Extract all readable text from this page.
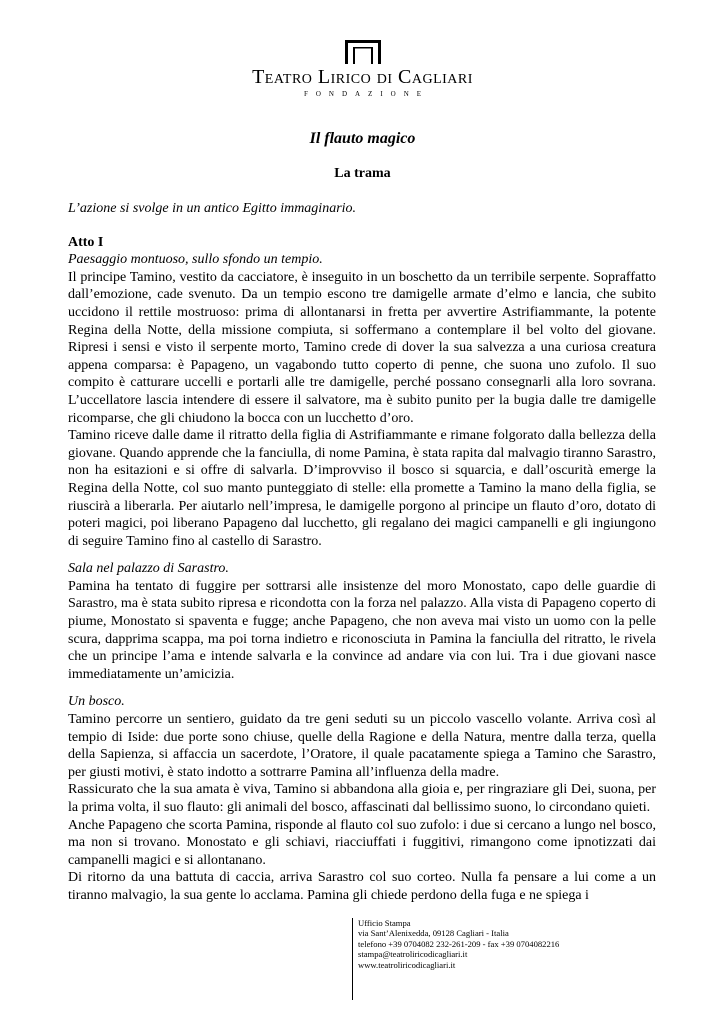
Teatro Lirico di Cagliari
FONDAZIONE
Il flauto magico
La trama

L’azione si svolge in un antico Egitto immaginario.

Atto I

Paesaggio montuoso, sullo sfondo un tempio.

Il principe Tamino, vestito da cacciatore, è inseguito in un boschetto da un terribile serpente. Sopraffatto dall’emozione, cade svenuto. Da un tempio escono tre damigelle armate d’elmo e lancia, che subito uccidono il rettile mostruoso: prima di allontanarsi in fretta per avvertire Astrifiammante, la potente Regina della Notte, della missione compiuta, si soffermano a contemplare il bel volto del giovane. Ripresi i sensi e visto il serpente morto, Tamino crede di dover la sua salvezza a una curiosa creatura appena comparsa: è Papageno, un vagabondo tutto coperto di penne, che suona uno zufolo. Il suo compito è catturare uccelli e portarli alle tre damigelle, perché possano consegnarli alla loro sovrana. L’uccellatore lascia intendere di essere il salvatore, ma è subito punito per la bugia dalle tre damigelle ricomparse, che gli chiudono la bocca con un lucchetto d’oro.

Tamino riceve dalle dame il ritratto della figlia di Astrifiammante e rimane folgorato dalla bellezza della giovane. Quando apprende che la fanciulla, di nome Pamina, è stata rapita dal malvagio tiranno Sarastro, non ha esitazioni e si offre di salvarla. D’improvviso il bosco si squarcia, e dall’oscurità emerge la Regina della Notte, col suo manto punteggiato di stelle: ella promette a Tamino la mano della figlia, se riuscirà a liberarla. Per aiutarlo nell’impresa, le damigelle porgono al principe un flauto d’oro, dotato di poteri magici, poi liberano Papageno dal lucchetto, gli regalano dei magici campanelli e gli ingiungono di seguire Tamino fino al castello di Sarastro.

Sala nel palazzo di Sarastro.

Pamina ha tentato di fuggire per sottrarsi alle insistenze del moro Monostato, capo delle guardie di Sarastro, ma è stata subito ripresa e ricondotta con la forza nel palazzo. Alla vista di Papageno coperto di piume, Monostato si spaventa e fugge; anche Papageno, che non aveva mai visto un uomo con la pelle scura, dapprima scappa, ma poi torna indietro e riconosciuta in Pamina la fanciulla del ritratto, le rivela che un principe l’ama e intende salvarla e la convince ad andare via con lui. Tra i due giovani nasce immediatamente un’amicizia.

Un bosco.

Tamino percorre un sentiero, guidato da tre geni seduti su un piccolo vascello volante. Arriva così al tempio di Iside: due porte sono chiuse, quelle della Ragione e della Natura, mentre dalla terza, quella della Sapienza, si affaccia un sacerdote, l’Oratore, il quale pacatamente spiega a Tamino che Sarastro, per giusti motivi, è stato indotto a sottrarre Pamina all’influenza della madre.

Rassicurato che la sua amata è viva, Tamino si abbandona alla gioia e, per ringraziare gli Dei, suona, per la prima volta, il suo flauto: gli animali del bosco, affascinati dal bellissimo suono, lo circondano quieti.

Anche Papageno che scorta Pamina, risponde al flauto col suo zufolo: i due si cercano a lungo nel bosco, ma non si trovano. Monostato e gli schiavi, riacciuffati i fuggitivi, rimangono come ipnotizzati dai campanelli magici e si allontanano.

Di ritorno da una battuta di caccia, arriva Sarastro col suo corteo. Nulla fa pensare a lui come a un tiranno malvagio, la sua gente lo acclama. Pamina gli chiede perdono della fuga e ne spiega i

Ufficio Stampa
via Sant’Alenixedda, 09128 Cagliari - Italia
telefono +39 0704082 232-261-209 - fax +39 0704082216
stampa@teatroliricodicagliari.it
www.teatroliricodicagliari.it
